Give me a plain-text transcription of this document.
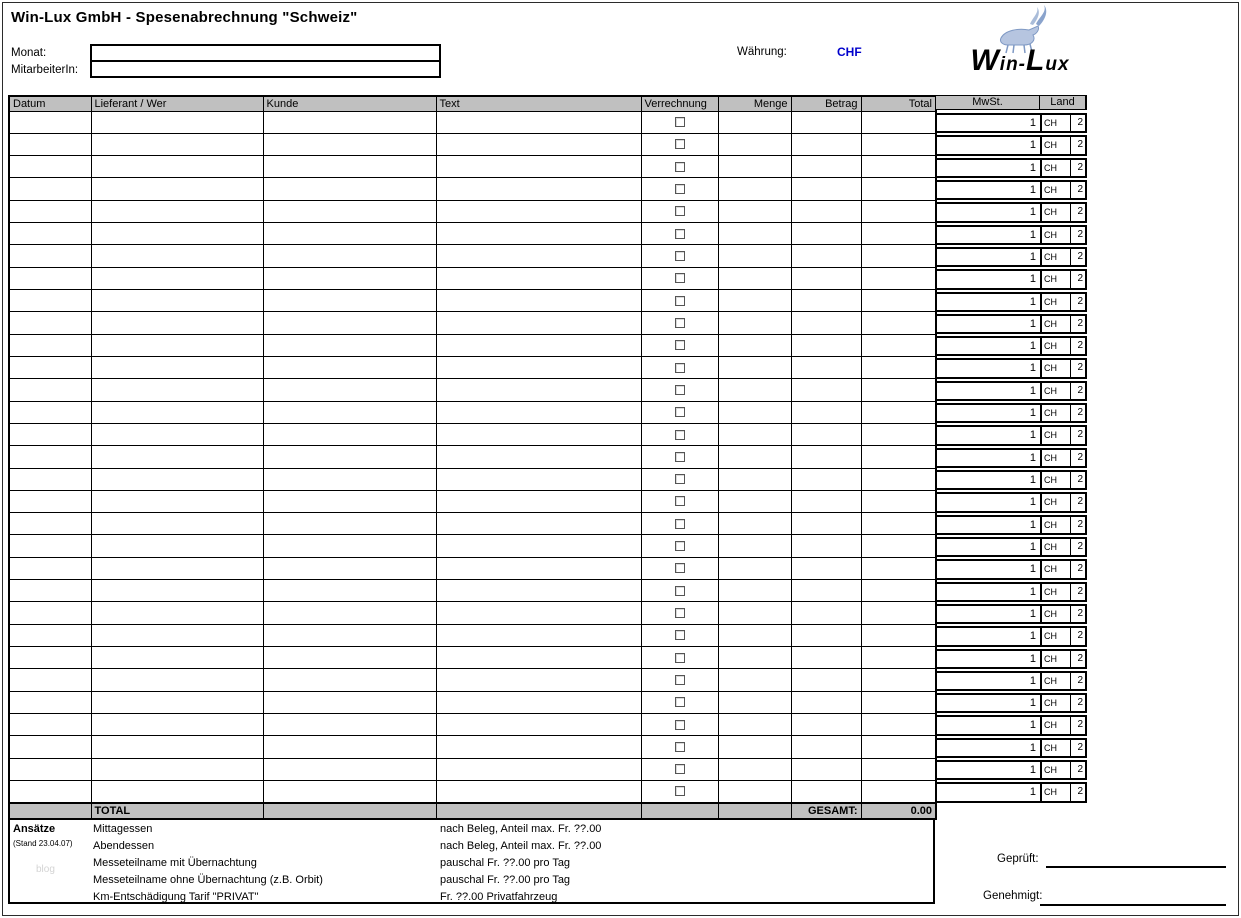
Win-Lux GmbH - Spesenabrechnung "Schweiz"
Monat:
MitarbeiterIn:
Währung:	CHF	Win-Lux
Datum	Lieferant / Wer	Kunde	Text	Verrechnung	Menge	Betrag	Total

	TOTAL					GESAMT:	0.00
MwSt.	Land
1 CH	2
1 CH	2
1 CH	2
1 CH	2
1 CH	2
1 CH	2
1 CH	2
1 CH	2
1 CH	2
1 CH	2
1 CH	2
1 CH	2
1 CH	2
1 CH	2
1 CH	2
1 CH	2
1 CH	2
1 CH	2
1 CH	2
1 CH	2
1 CH	2
1 CH	2
1 CH	2
1 CH	2
1 CH	2
1 CH	2
1 CH	2
1 CH	2
1 CH	2
1 CH	2
1 CH	2
Ansätze
(Stand 23.04.07)
Mittagessen	nach Beleg, Anteil max. Fr. ??.00
Abendessen	nach Beleg, Anteil max. Fr. ??.00
Messeteilname mit Übernachtung	pauschal Fr. ??.00 pro Tag
Messeteilname ohne Übernachtung (z.B. Orbit)	pauschal Fr. ??.00 pro Tag
Km-Entschädigung Tarif "PRIVAT"	Fr. ??.00 Privatfahrzeug
Geprüft:
Genehmigt:
blog
